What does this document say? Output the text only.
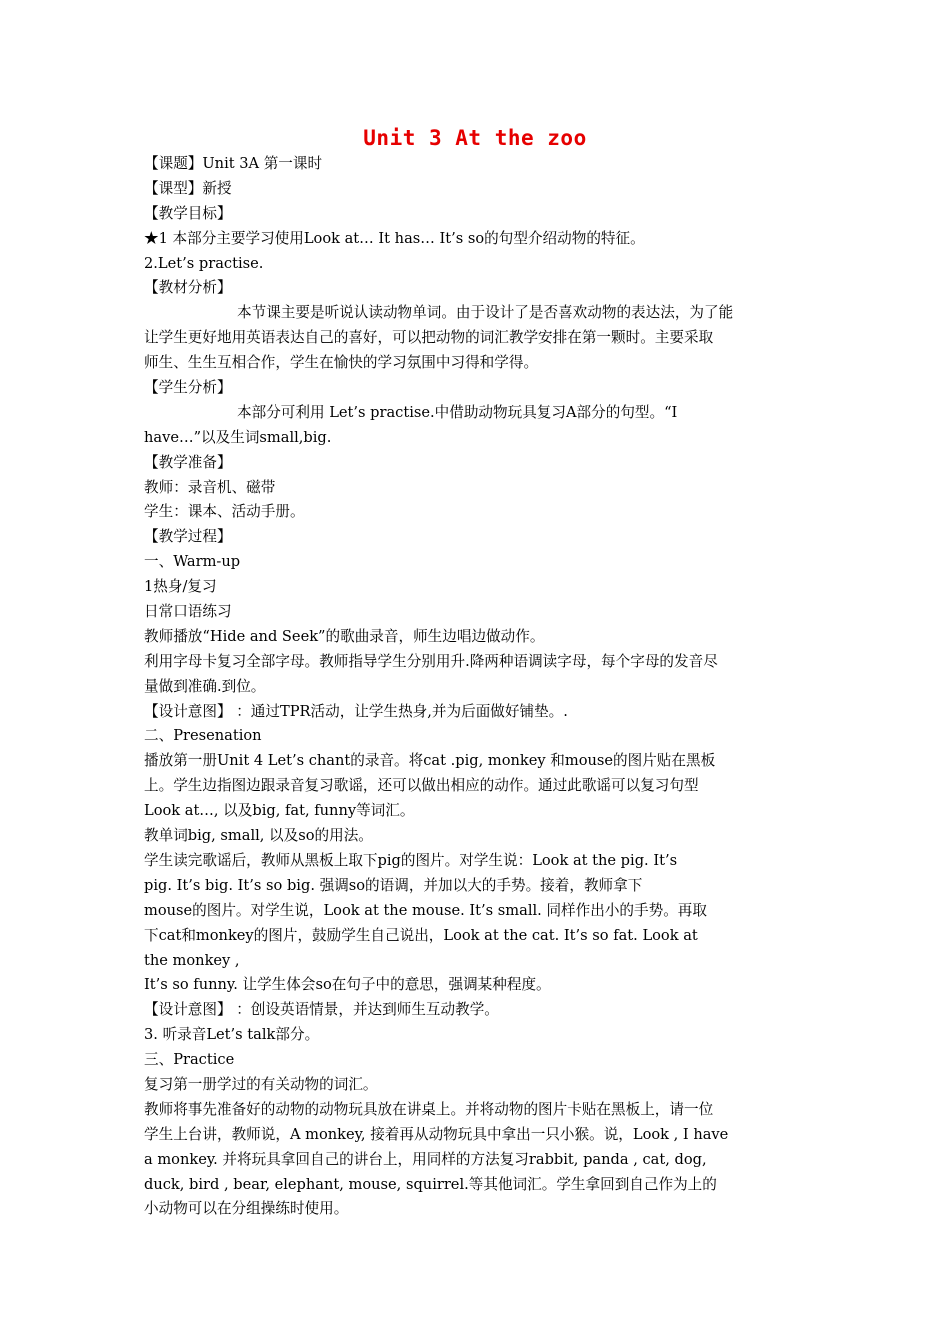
Unit 3 At the zoo
【课题】Unit 3A 第一课时
【课型】新授
【教学目标】
★1 本部分主要学习使用Look at… It has… It’s so的句型介绍动物的特征。
2.Let’s practise.
【教材分析】
本节课主要是听说认读动物单词。由于设计了是否喜欢动物的表达法，为了能
让学生更好地用英语表达自己的喜好，可以把动物的词汇教学安排在第一颗时。主要采取
师生、生生互相合作，学生在愉快的学习氛围中习得和学得。
【学生分析】
本部分可利用 Let’s practise.中借助动物玩具复习A部分的句型。“I
have…”以及生词small,big.
【教学准备】
教师：录音机、磁带
学生：课本、活动手册。
【教学过程】
一、Warm-up
1热身/复习
日常口语练习
教师播放“Hide and Seek”的歌曲录音，师生边唱边做动作。
利用字母卡复习全部字母。教师指导学生分别用升.降两种语调读字母，每个字母的发音尽
量做到准确.到位。
【设计意图】 ：通过TPR活动，让学生热身,并为后面做好铺垫。.
二、Presenation
播放第一册Unit 4 Let’s chant的录音。将cat .pig, monkey 和mouse的图片贴在黑板
上。学生边指图边跟录音复习歌谣，还可以做出相应的动作。通过此歌谣可以复习句型
Look at…, 以及big, fat, funny等词汇。
教单词big, small, 以及so的用法。
学生读完歌谣后，教师从黑板上取下pig的图片。对学生说：Look at the pig. It’s
pig. It’s big. It’s so big. 强调so的语调，并加以大的手势。接着，教师拿下
mouse的图片。对学生说，Look at the mouse. It’s small. 同样作出小的手势。再取
下cat和monkey的图片，鼓励学生自己说出，Look at the cat. It’s so fat. Look at
the monkey ,
It’s so funny. 让学生体会so在句子中的意思，强调某种程度。
【设计意图】 ：创设英语情景，并达到师生互动教学。
3. 听录音Let’s talk部分。
三、Practice
复习第一册学过的有关动物的词汇。
教师将事先准备好的动物的动物玩具放在讲桌上。并将动物的图片卡贴在黑板上，请一位
学生上台讲，教师说，A monkey, 接着再从动物玩具中拿出一只小猴。说，Look , I have
a monkey. 并将玩具拿回自己的讲台上，用同样的方法复习rabbit, panda , cat, dog,
duck, bird , bear, elephant, mouse, squirrel.等其他词汇。学生拿回到自己作为上的
小动物可以在分组操练时使用。
